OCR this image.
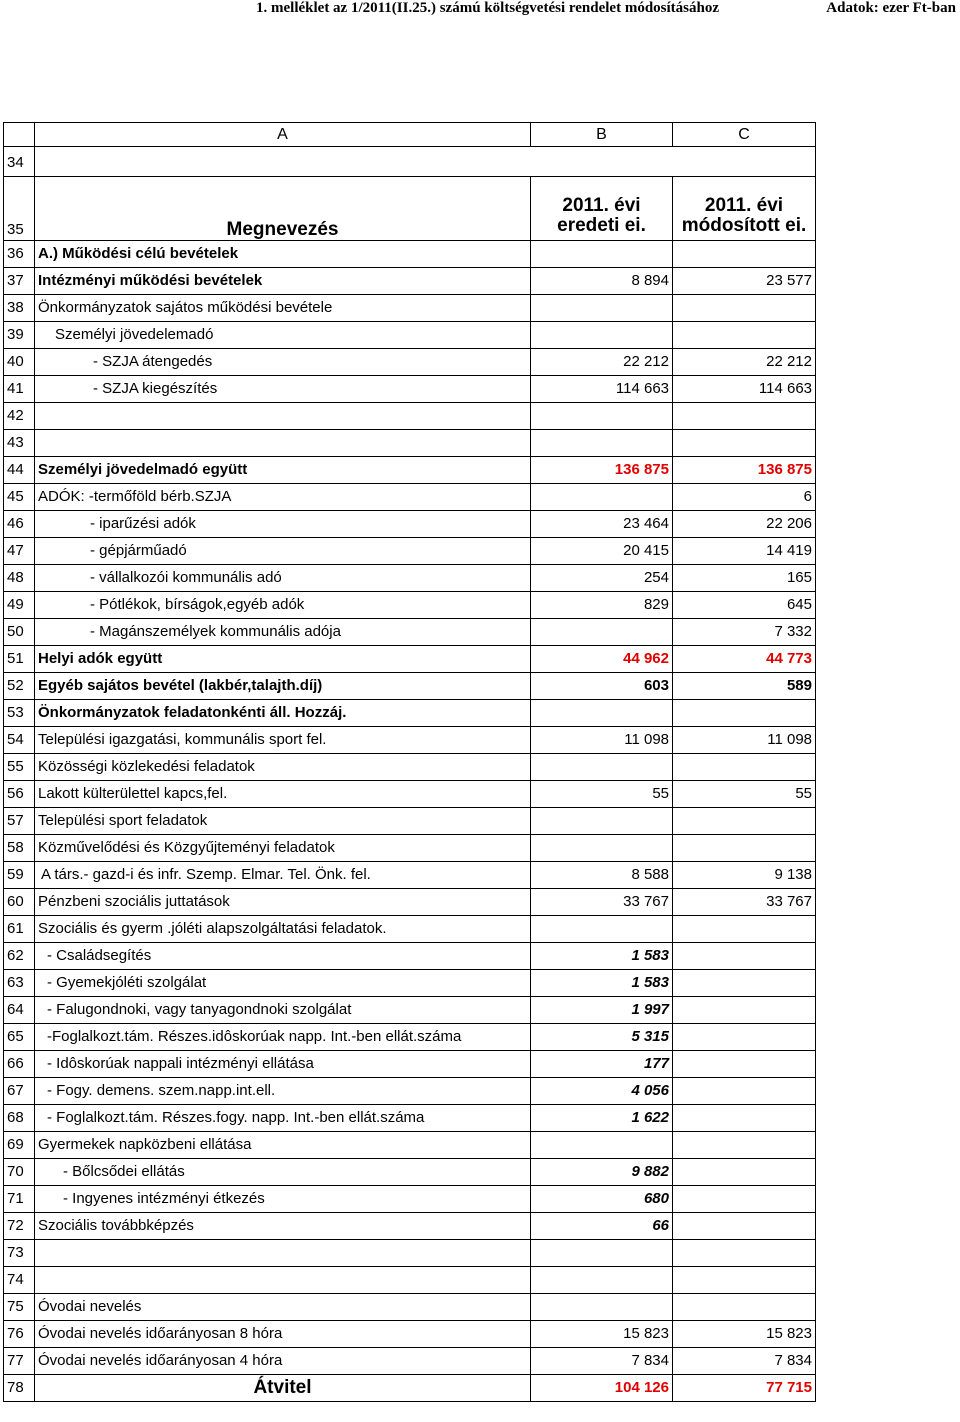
1. melléklet az 1/2011(II.25.) számú költségvetési rendelet módosításához	Adatok: ezer Ft-ban
	A	B	C
34			
35	Megnevezés	2011. évi eredeti ei.	2011. évi módosított ei.
36	A.) Működési célú bevételek		
37	Intézményi működési bevételek	8 894	23 577
38	Önkormányzatok sajátos működési bevétele		
39	Személyi jövedelemadó		
40	- SZJA átengedés	22 212	22 212
41	- SZJA kiegészítés	114 663	114 663
42			
43			
44	Személyi jövedelmadó együtt	136 875	136 875
45	ADÓK: -termőföld bérb.SZJA		6
46	- iparűzési adók	23 464	22 206
47	- gépjárműadó	20 415	14 419
48	- vállalkozói kommunális adó	254	165
49	- Pótlékok, bírságok,egyéb adók	829	645
50	- Magánszemélyek kommunális adója		7 332
51	Helyi adók együtt	44 962	44 773
52	Egyéb sajátos bevétel (lakbér,talajth.díj)	603	589
53	Önkormányzatok feladatonkénti áll. Hozzáj.		
54	Települési igazgatási, kommunális sport fel.	11 098	11 098
55	Közösségi közlekedési feladatok		
56	Lakott külterülettel kapcs,fel.	55	55
57	Települési sport feladatok		
58	Közművelődési és Közgyűjteményi feladatok		
59	A társ.- gazd-i és infr. Szemp. Elmar. Tel. Önk. fel.	8 588	9 138
60	Pénzbeni szociális juttatások	33 767	33 767
61	Szociális és gyerm .jóléti alapszolgáltatási feladatok.		
62	- Családsegítés	1 583	
63	- Gyemekjóléti szolgálat	1 583	
64	- Falugondnoki, vagy tanyagondnoki szolgálat	1 997	
65	-Foglalkozt.tám. Részes.idôskorúak napp. Int.-ben ellát.száma	5 315	
66	- Idôskorúak nappali intézményi ellátása	177	
67	- Fogy. demens. szem.napp.int.ell.	4 056	
68	- Foglalkozt.tám. Részes.fogy. napp. Int.-ben ellát.száma	1 622	
69	Gyermekek napközbeni ellátása		
70	- Bőlcsődei ellátás	9 882	
71	- Ingyenes intézményi étkezés	680	
72	Szociális továbbképzés	66	
73			
74			
75	Óvodai nevelés		
76	Óvodai nevelés időarányosan 8 hóra	15 823	15 823
77	Óvodai nevelés időarányosan 4 hóra	7 834	7 834
78	Átvitel	104 126	77 715
